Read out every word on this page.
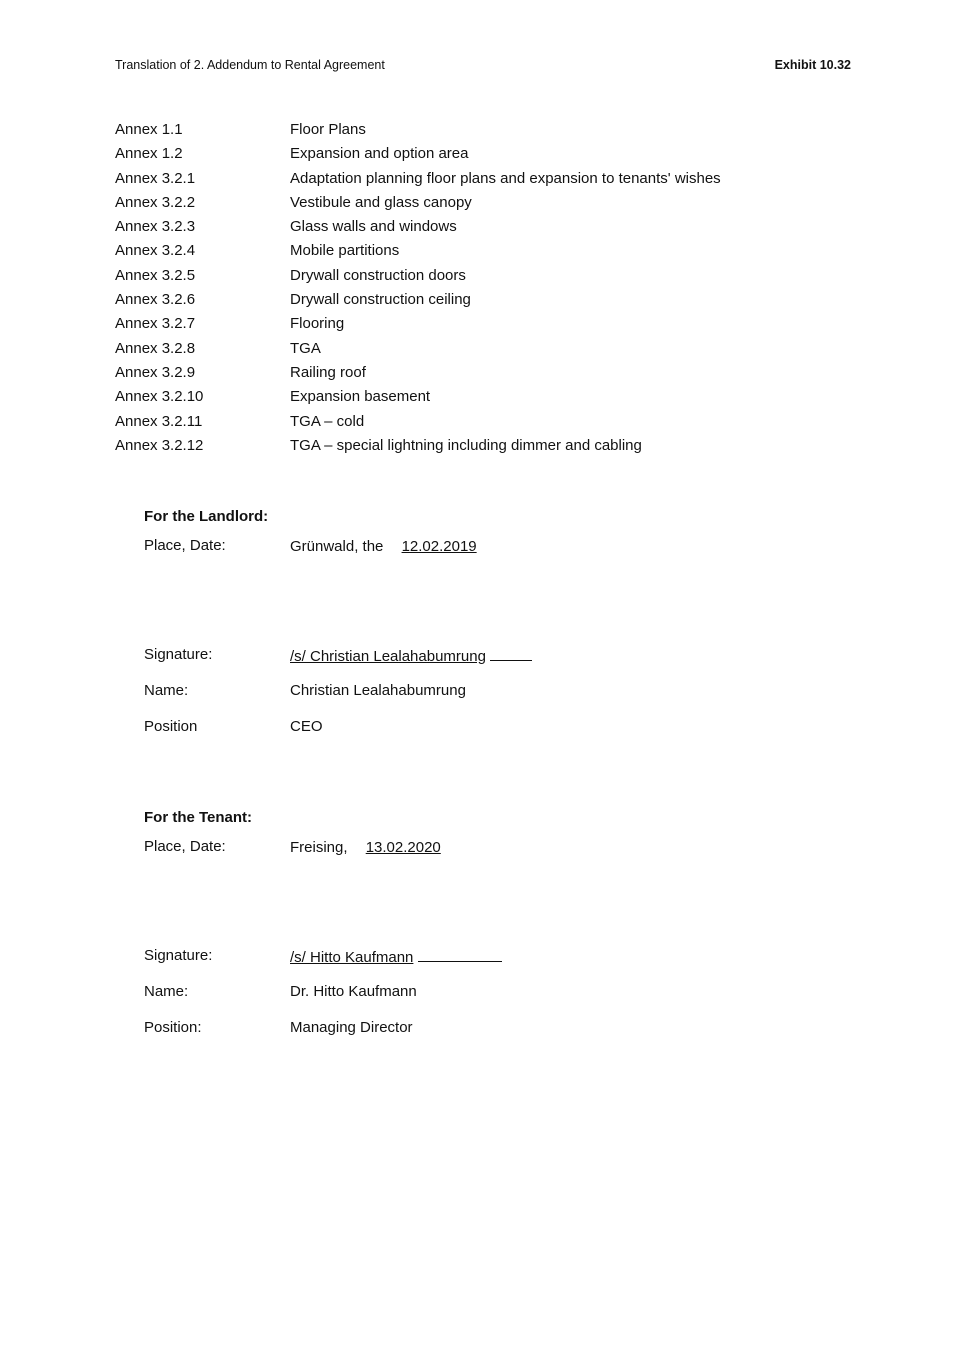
Translation of 2. Addendum to Rental Agreement	Exhibit 10.32
Annex 1.1	Floor Plans
Annex 1.2	Expansion and option area
Annex 3.2.1	Adaptation planning floor plans and expansion to tenants' wishes
Annex 3.2.2	Vestibule and glass canopy
Annex 3.2.3	Glass walls and windows
Annex 3.2.4	Mobile partitions
Annex 3.2.5	Drywall construction doors
Annex 3.2.6	Drywall construction ceiling
Annex 3.2.7	Flooring
Annex 3.2.8	TGA
Annex 3.2.9	Railing roof
Annex 3.2.10	Expansion basement
Annex 3.2.11	TGA – cold
Annex 3.2.12	TGA – special lightning including dimmer and cabling
For the Landlord:
Place, Date:	Grünwald, the 12.02.2019
Signature:	/s/ Christian Lealahabumrung
Name:	Christian Lealahabumrung
Position	CEO
For the Tenant:
Place, Date:	Freising, 13.02.2020
Signature:	/s/ Hitto Kaufmann
Name:	Dr. Hitto Kaufmann
Position:	Managing Director
